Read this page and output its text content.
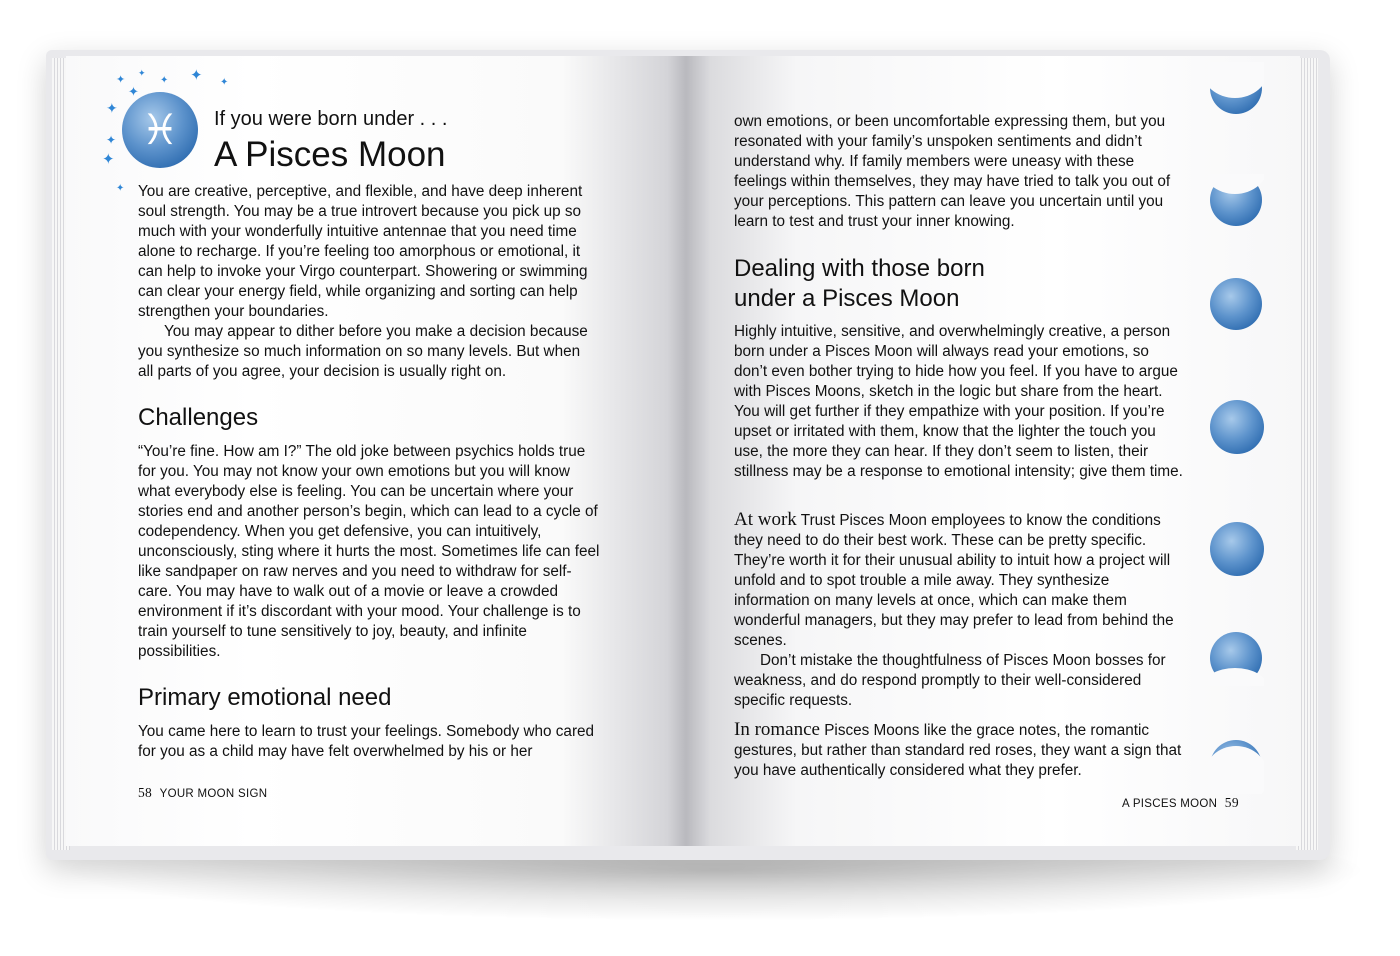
✦ ✦
✦ ✦ ✦
✦
✦
✦
✦
✦
♓	If you were born under . . .
A Pisces Moon

You are creative, perceptive, and flexible, and have deep inherent soul strength. You may be a true introvert because you pick up so much with your wonderfully intuitive antennae that you need time alone to recharge. If you’re feeling too amorphous or emotional, it can help to invoke your Virgo counterpart. Showering or swimming can clear your energy field, while organizing and sorting can help strengthen your boundaries.

You may appear to dither before you make a decision because you synthesize so much information on so many levels. But when all parts of you agree, your decision is usually right on.

Challenges
“You’re fine. How am I?” The old joke between psychics holds true for you. You may not know your own emotions but you will know what everybody else is feeling. You can be uncertain where your stories end and another person’s begin, which can lead to a cycle of codependency. When you get defensive, you can intuitively, unconsciously, sting where it hurts the most. Sometimes life can feel like sandpaper on raw nerves and you need to withdraw for self-care. You may have to walk out of a movie or leave a crowded environment if it’s discordant with your mood. Your challenge is to train yourself to tune sensitively to joy, beauty, and infinite possibilities.
Primary emotional need
You came here to learn to trust your feelings. Somebody who cared for you as a child may have felt overwhelmed by his or her
58 YOUR MOON SIGN
own emotions, or been uncomfortable expressing them, but you resonated with your family’s unspoken sentiments and didn’t understand why. If family members were uneasy with these feelings within themselves, they may have tried to talk you out of your perceptions. This pattern can leave you uncertain until you learn to test and trust your inner knowing.
Dealing with those born
under a Pisces Moon
Highly intuitive, sensitive, and overwhelmingly creative, a person born under a Pisces Moon will always read your emotions, so don’t even bother trying to hide how you feel. If you have to argue with Pisces Moons, sketch in the logic but share from the heart. You will get further if they empathize with your position. If you’re upset or irritated with them, know that the lighter the touch you use, the more they can hear. If they don’t seem to listen, their stillness may be a response to emotional intensity; give them time.

At work Trust Pisces Moon employees to know the conditions they need to do their best work. These can be pretty specific. They’re worth it for their unusual ability to intuit how a project will unfold and to spot trouble a mile away. They synthesize information on many levels at once, which can make them wonderful managers, but they may prefer to lead from behind the scenes.

Don’t mistake the thoughtfulness of Pisces Moon bosses for weakness, and do respond promptly to their well-considered specific requests.

In romance Pisces Moons like the grace notes, the romantic gestures, but rather than standard red roses, they want a sign that you have authentically considered what they prefer.

A PISCES MOON 59
